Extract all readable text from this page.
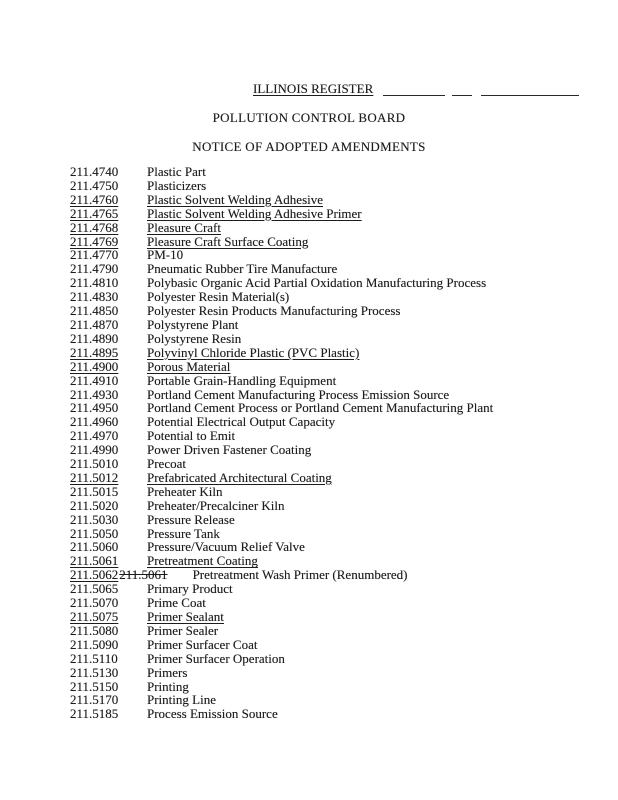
ILLINOIS REGISTER
POLLUTION CONTROL BOARD
NOTICE OF ADOPTED AMENDMENTS
211.4740 Plastic Part
211.4750 Plasticizers
211.4760 Plastic Solvent Welding Adhesive
211.4765 Plastic Solvent Welding Adhesive Primer
211.4768 Pleasure Craft
211.4769 Pleasure Craft Surface Coating
211.4770 PM-10
211.4790 Pneumatic Rubber Tire Manufacture
211.4810 Polybasic Organic Acid Partial Oxidation Manufacturing Process
211.4830 Polyester Resin Material(s)
211.4850 Polyester Resin Products Manufacturing Process
211.4870 Polystyrene Plant
211.4890 Polystyrene Resin
211.4895 Polyvinyl Chloride Plastic (PVC Plastic)
211.4900 Porous Material
211.4910 Portable Grain-Handling Equipment
211.4930 Portland Cement Manufacturing Process Emission Source
211.4950 Portland Cement Process or Portland Cement Manufacturing Plant
211.4960 Potential Electrical Output Capacity
211.4970 Potential to Emit
211.4990 Power Driven Fastener Coating
211.5010 Precoat
211.5012 Prefabricated Architectural Coating
211.5015 Preheater Kiln
211.5020 Preheater/Precalciner Kiln
211.5030 Pressure Release
211.5050 Pressure Tank
211.5060 Pressure/Vacuum Relief Valve
211.5061 Pretreatment Coating
211.5062211.5061 Pretreatment Wash Primer (Renumbered)
211.5065 Primary Product
211.5070 Prime Coat
211.5075 Primer Sealant
211.5080 Primer Sealer
211.5090 Primer Surfacer Coat
211.5110 Primer Surfacer Operation
211.5130 Primers
211.5150 Printing
211.5170 Printing Line
211.5185 Process Emission Source
